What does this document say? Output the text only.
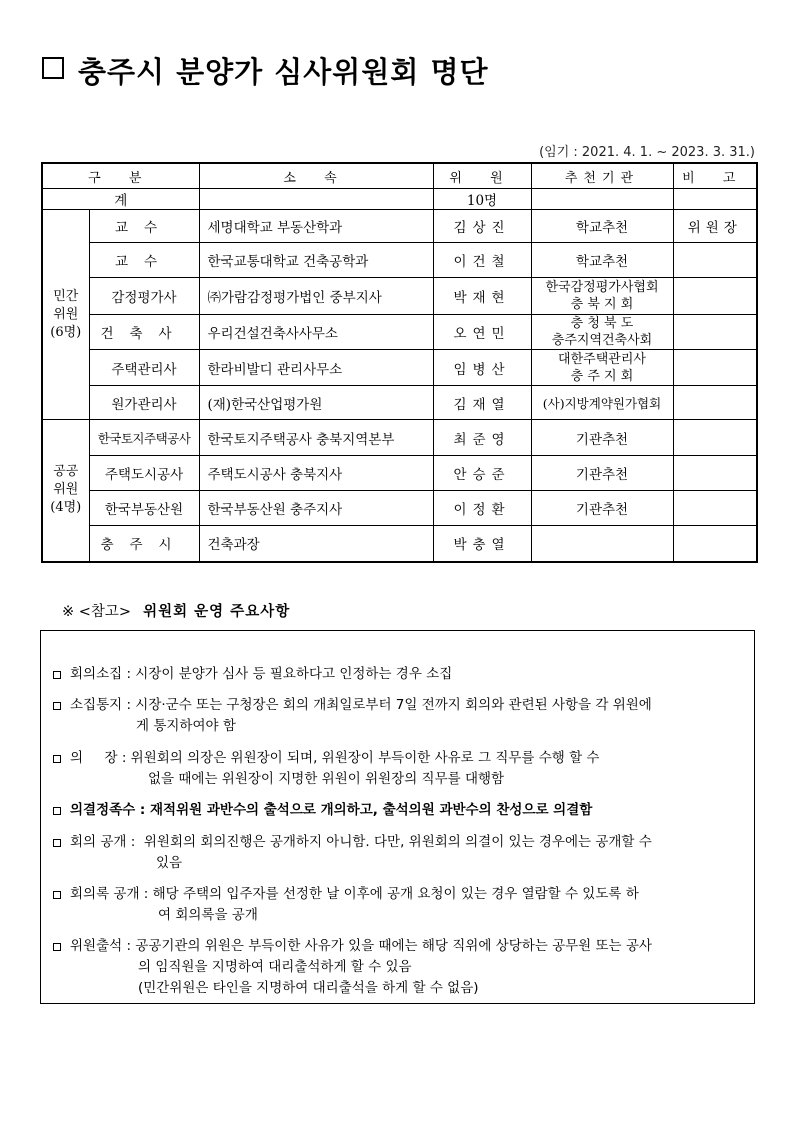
충주시 분양가 심사위원회 명단
(임기 : 2021. 4. 1. ~ 2023. 3. 31.)
구 분		소 속	위 원	추천기관	비 고
계			10명		

민간
위원
(6명)	교수	세명대학교 부동산학과	김상진	학교추천	위원장
	교수	한국교통대학교 건축공학과	이건철	학교추천	

	감정평가사	㈜가람감정평가법인 중부지사	박재현	한국감정평가사협회
충 북 지 회	

	건축사	우리건설건축사사무소	오연민	충 청 북 도
충주지역건축사회	

	주택관리사	한라비발디 관리사무소	임병산	대한주택관리사
충 주 지 회	

	원가관리사	(재)한국산업평가원	김재열	(사)지방계약원가협회	

공공
위원
(4명)	한국토지주택공사	한국토지주택공사 충북지역본부	최준영	기관추천	

	주택도시공사	주택도시공사 충북지사	안승준	기관추천	

	한국부동산원	한국부동산원 충주지사	이정환	기관추천	

	충주시	건축과장	박충열	

※ <참고> 위원회 운영 주요사항
회의소집 : 시장이 분양가 심사 등 필요하다고 인정하는 경우 소집
소집통지 : 시장·군수 또는 구청장은 회의 개최일로부터 7일 전까지 회의와 관련된 사항을 각 위원에
게 통지하여야 함
의     장 : 위원회의 의장은 위원장이 되며, 위원장이 부득이한 사유로 그 직무를 수행 할 수
없을 때에는 위원장이 지명한 위원이 위원장의 직무를 대행함
의결정족수 : 재적위원 과반수의 출석으로 개의하고, 출석의원 과반수의 찬성으로 의결함
회의 공개 :  위원회의 회의진행은 공개하지 아니함. 다만, 위원회의 의결이 있는 경우에는 공개할 수
있음
회의록 공개 : 해당 주택의 입주자를 선정한 날 이후에 공개 요청이 있는 경우 열람할 수 있도록 하
여 회의록을 공개
위원출석 : 공공기관의 위원은 부득이한 사유가 있을 때에는 해당 직위에 상당하는 공무원 또는 공사
의 임직원을 지명하여 대리출석하게 할 수 있음
(민간위원은 타인을 지명하여 대리출석을 하게 할 수 없음)
